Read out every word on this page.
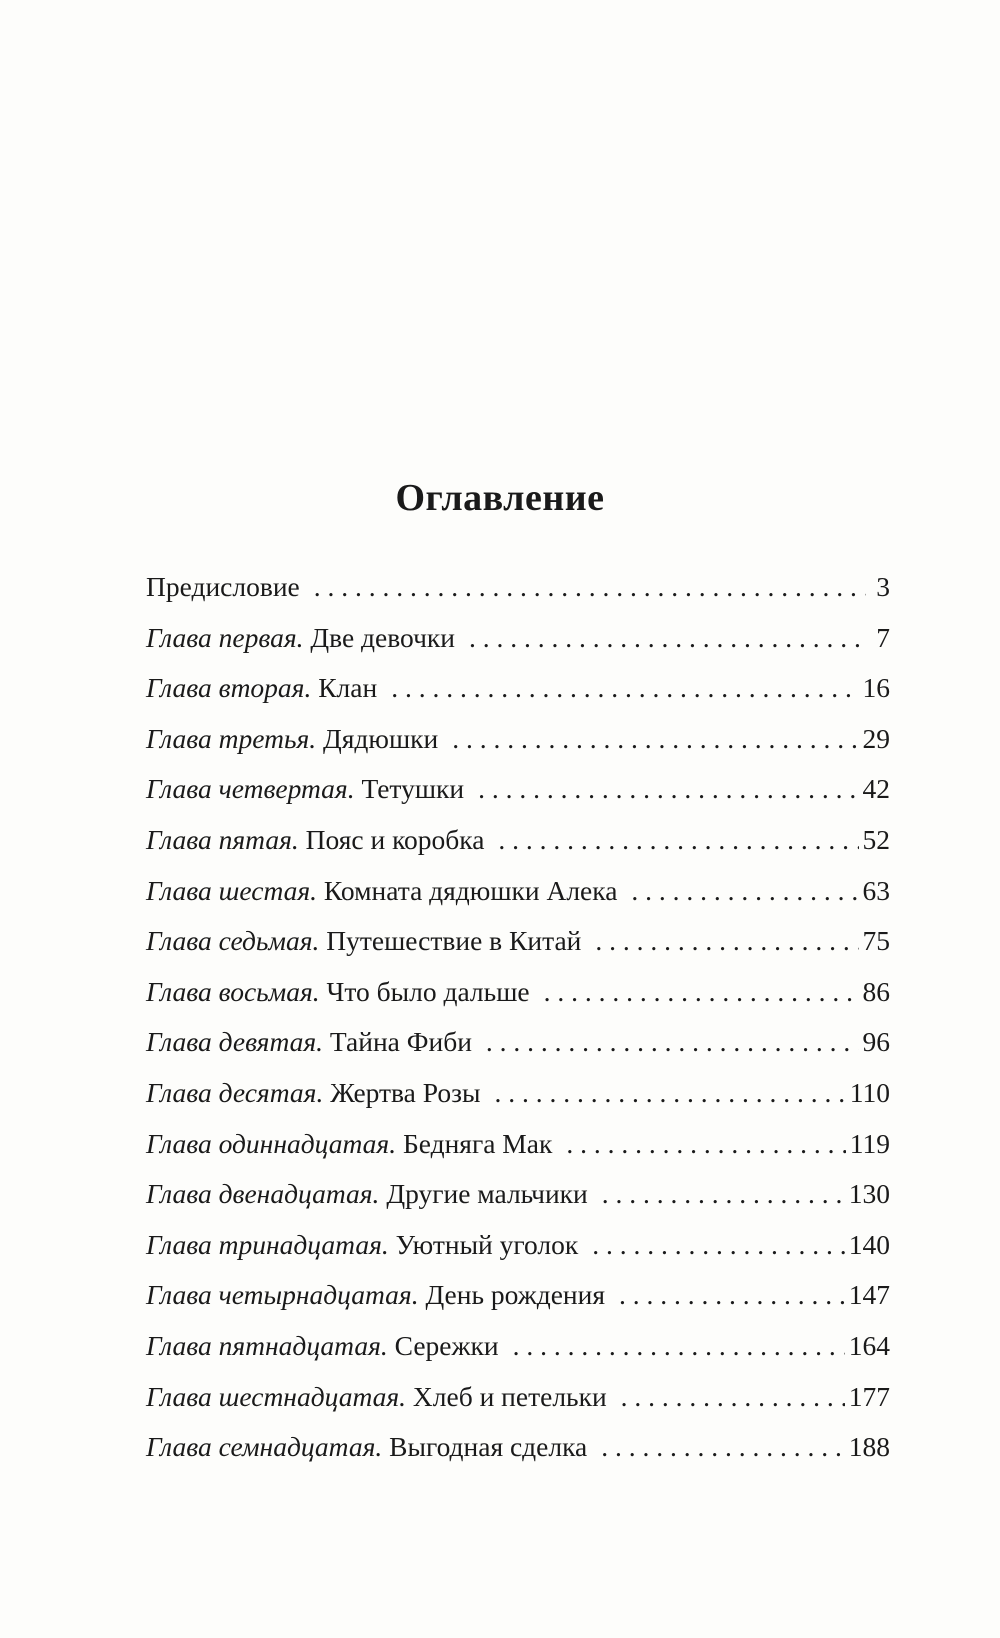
Оглавление
Предисловие . . .	3
Глава первая. Две девочки . . .	7
Глава вторая. Клан . . .	16
Глава третья. Дядюшки . . .	29
Глава четвертая. Тетушки . . .	42
Глава пятая. Пояс и коробка . . .	52
Глава шестая. Комната дядюшки Алека . . .	63
Глава седьмая. Путешествие в Китай . . .	75
Глава восьмая. Что было дальше . . .	86
Глава девятая. Тайна Фиби . . .	96
Глава десятая. Жертва Розы . . .	110
Глава одиннадцатая. Бедняга Мак . . .	119
Глава двенадцатая. Другие мальчики . . .	130
Глава тринадцатая. Уютный уголок . . .	140
Глава четырнадцатая. День рождения . . .	147
Глава пятнадцатая. Сережки . . .	164
Глава шестнадцатая. Хлеб и петельки . . .	177
Глава семнадцатая. Выгодная сделка . . .	188
